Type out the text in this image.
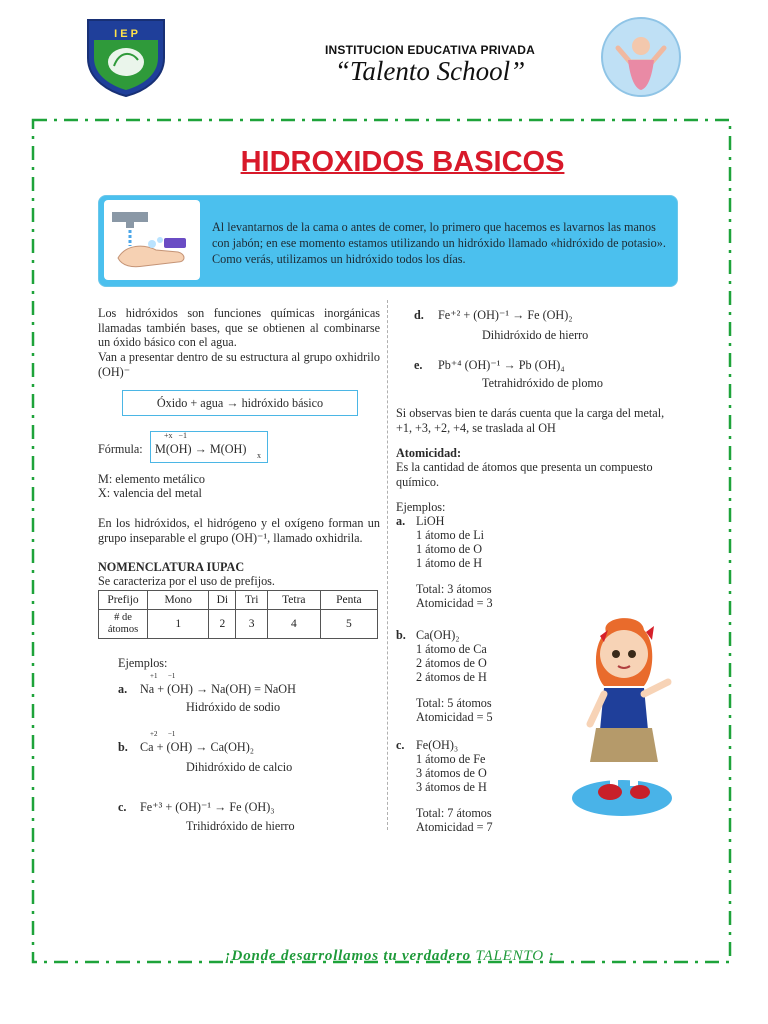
I E P
INSTITUCION EDUCATIVA PRIVADA
“Talento School”
HIDROXIDOS BASICOS
Al levantarnos de la cama o antes de comer, lo primero que hacemos es lavarnos las manos con jabón; en ese momento estamos utilizando un hidróxido llamado «hidróxido de potasio». Como verás, utilizamos un hidróxido todos los días.
Los hidróxidos son funciones químicas inorgánicas llamadas también bases, que se obtienen al combinarse un óxido básico con el agua.
Van a presentar dentro de su estructura al grupo oxhidrilo (OH)⁻
Óxido + agua → hidróxido básico
Fórmula:
+x   −1
M(OH) → M(OH) x
M: elemento metálico
X: valencia del metal
En los hidróxidos, el hidrógeno y el oxígeno forman un grupo inseparable el grupo (OH)⁻¹, llamado oxhidrila.
NOMENCLATURA IUPAC
Se caracteriza por el uso de prefijos.
Prefijo	Mono	Di	Tri	Tetra	Penta
# de átomos	1	2	3	4	5
Ejemplos:
a.
+1      −1
Na + (OH) → Na(OH) = NaOH
Hidróxido de sodio
b.
+2      −1
Ca + (OH) → Ca(OH)₂
Dihidróxido de calcio
c. Fe⁺³ + (OH)⁻¹ → Fe (OH)₃
Trihidróxido de hierro
d. Fe⁺² + (OH)⁻¹ → Fe (OH)₂
Dihidróxido de hierro
e. Pb⁺⁴ (OH)⁻¹ → Pb (OH)₄
Tetrahidróxido de plomo
Si observas bien te darás cuenta que la carga del metal, +1, +3, +2, +4, se traslada al OH
Atomicidad:
Es la cantidad de átomos que presenta un compuesto químico.
Ejemplos:
a. LiOH
1 átomo de Li
1 átomo de O
1 átomo de H
Total: 3 átomos
Atomicidad = 3
b. Ca(OH)₂
1 átomo de Ca
2 átomos de O
2 átomos de H
Total: 5 átomos
Atomicidad = 5
c. Fe(OH)₃
1 átomo de Fe
3 átomos de O
3 átomos de H
Total: 7 átomos
Atomicidad = 7
¡Donde desarrollamos tu verdadero TALENTO ¡
